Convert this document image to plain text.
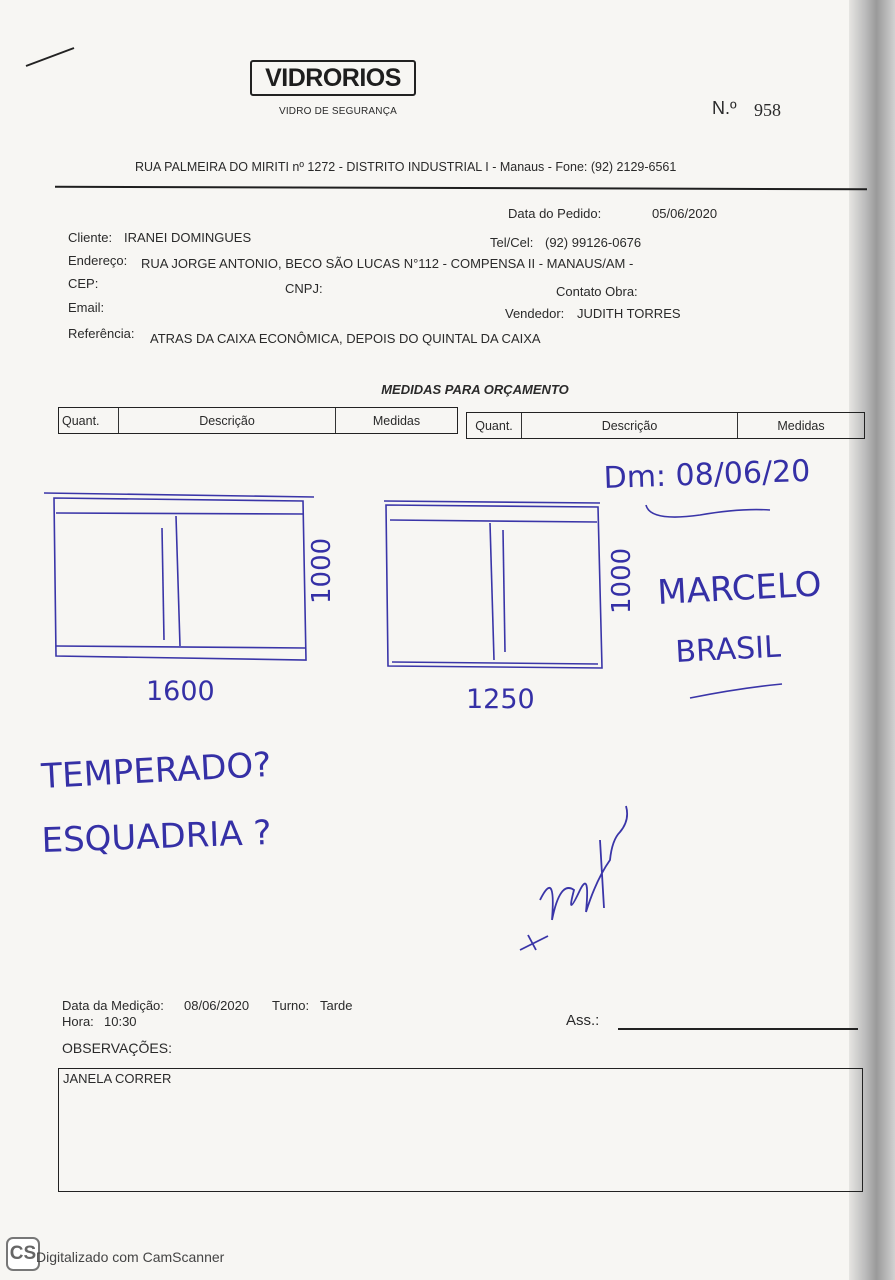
VIDRORIOS
VIDRO DE SEGURANÇA	N.º 958
RUA PALMEIRA DO MIRITI nº 1272 - DISTRITO INDUSTRIAL I - Manaus - Fone: (92) 2129-6561
Data do Pedido:	05/06/2020
Cliente: IRANEI DOMINGUES	Tel/Cel: (92) 99126-0676
Endereço: RUA JORGE ANTONIO, BECO SÃO LUCAS N°112 - COMPENSA II - MANAUS/AM -
CEP:	CNPJ:	Contato Obra:
Email:	Vendedor: JUDITH TORRES
Referência: ATRAS DA CAIXA ECONÔMICA, DEPOIS DO QUINTAL DA CAIXA
MEDIDAS PARA ORÇAMENTO
Quant.	Descrição	Medidas	Quant.	Descrição	Medidas
Dm: 08/06/20
1000
1600
1000
1250
MARCELO
BRASIL
TEMPERADO?
ESQUADRIA ?
Data da Medição: 08/06/2020 Turno: Tarde
Hora: 10:30	Ass.:
OBSERVAÇÕES:
JANELA CORRER
CS Digitalizado com CamScanner
